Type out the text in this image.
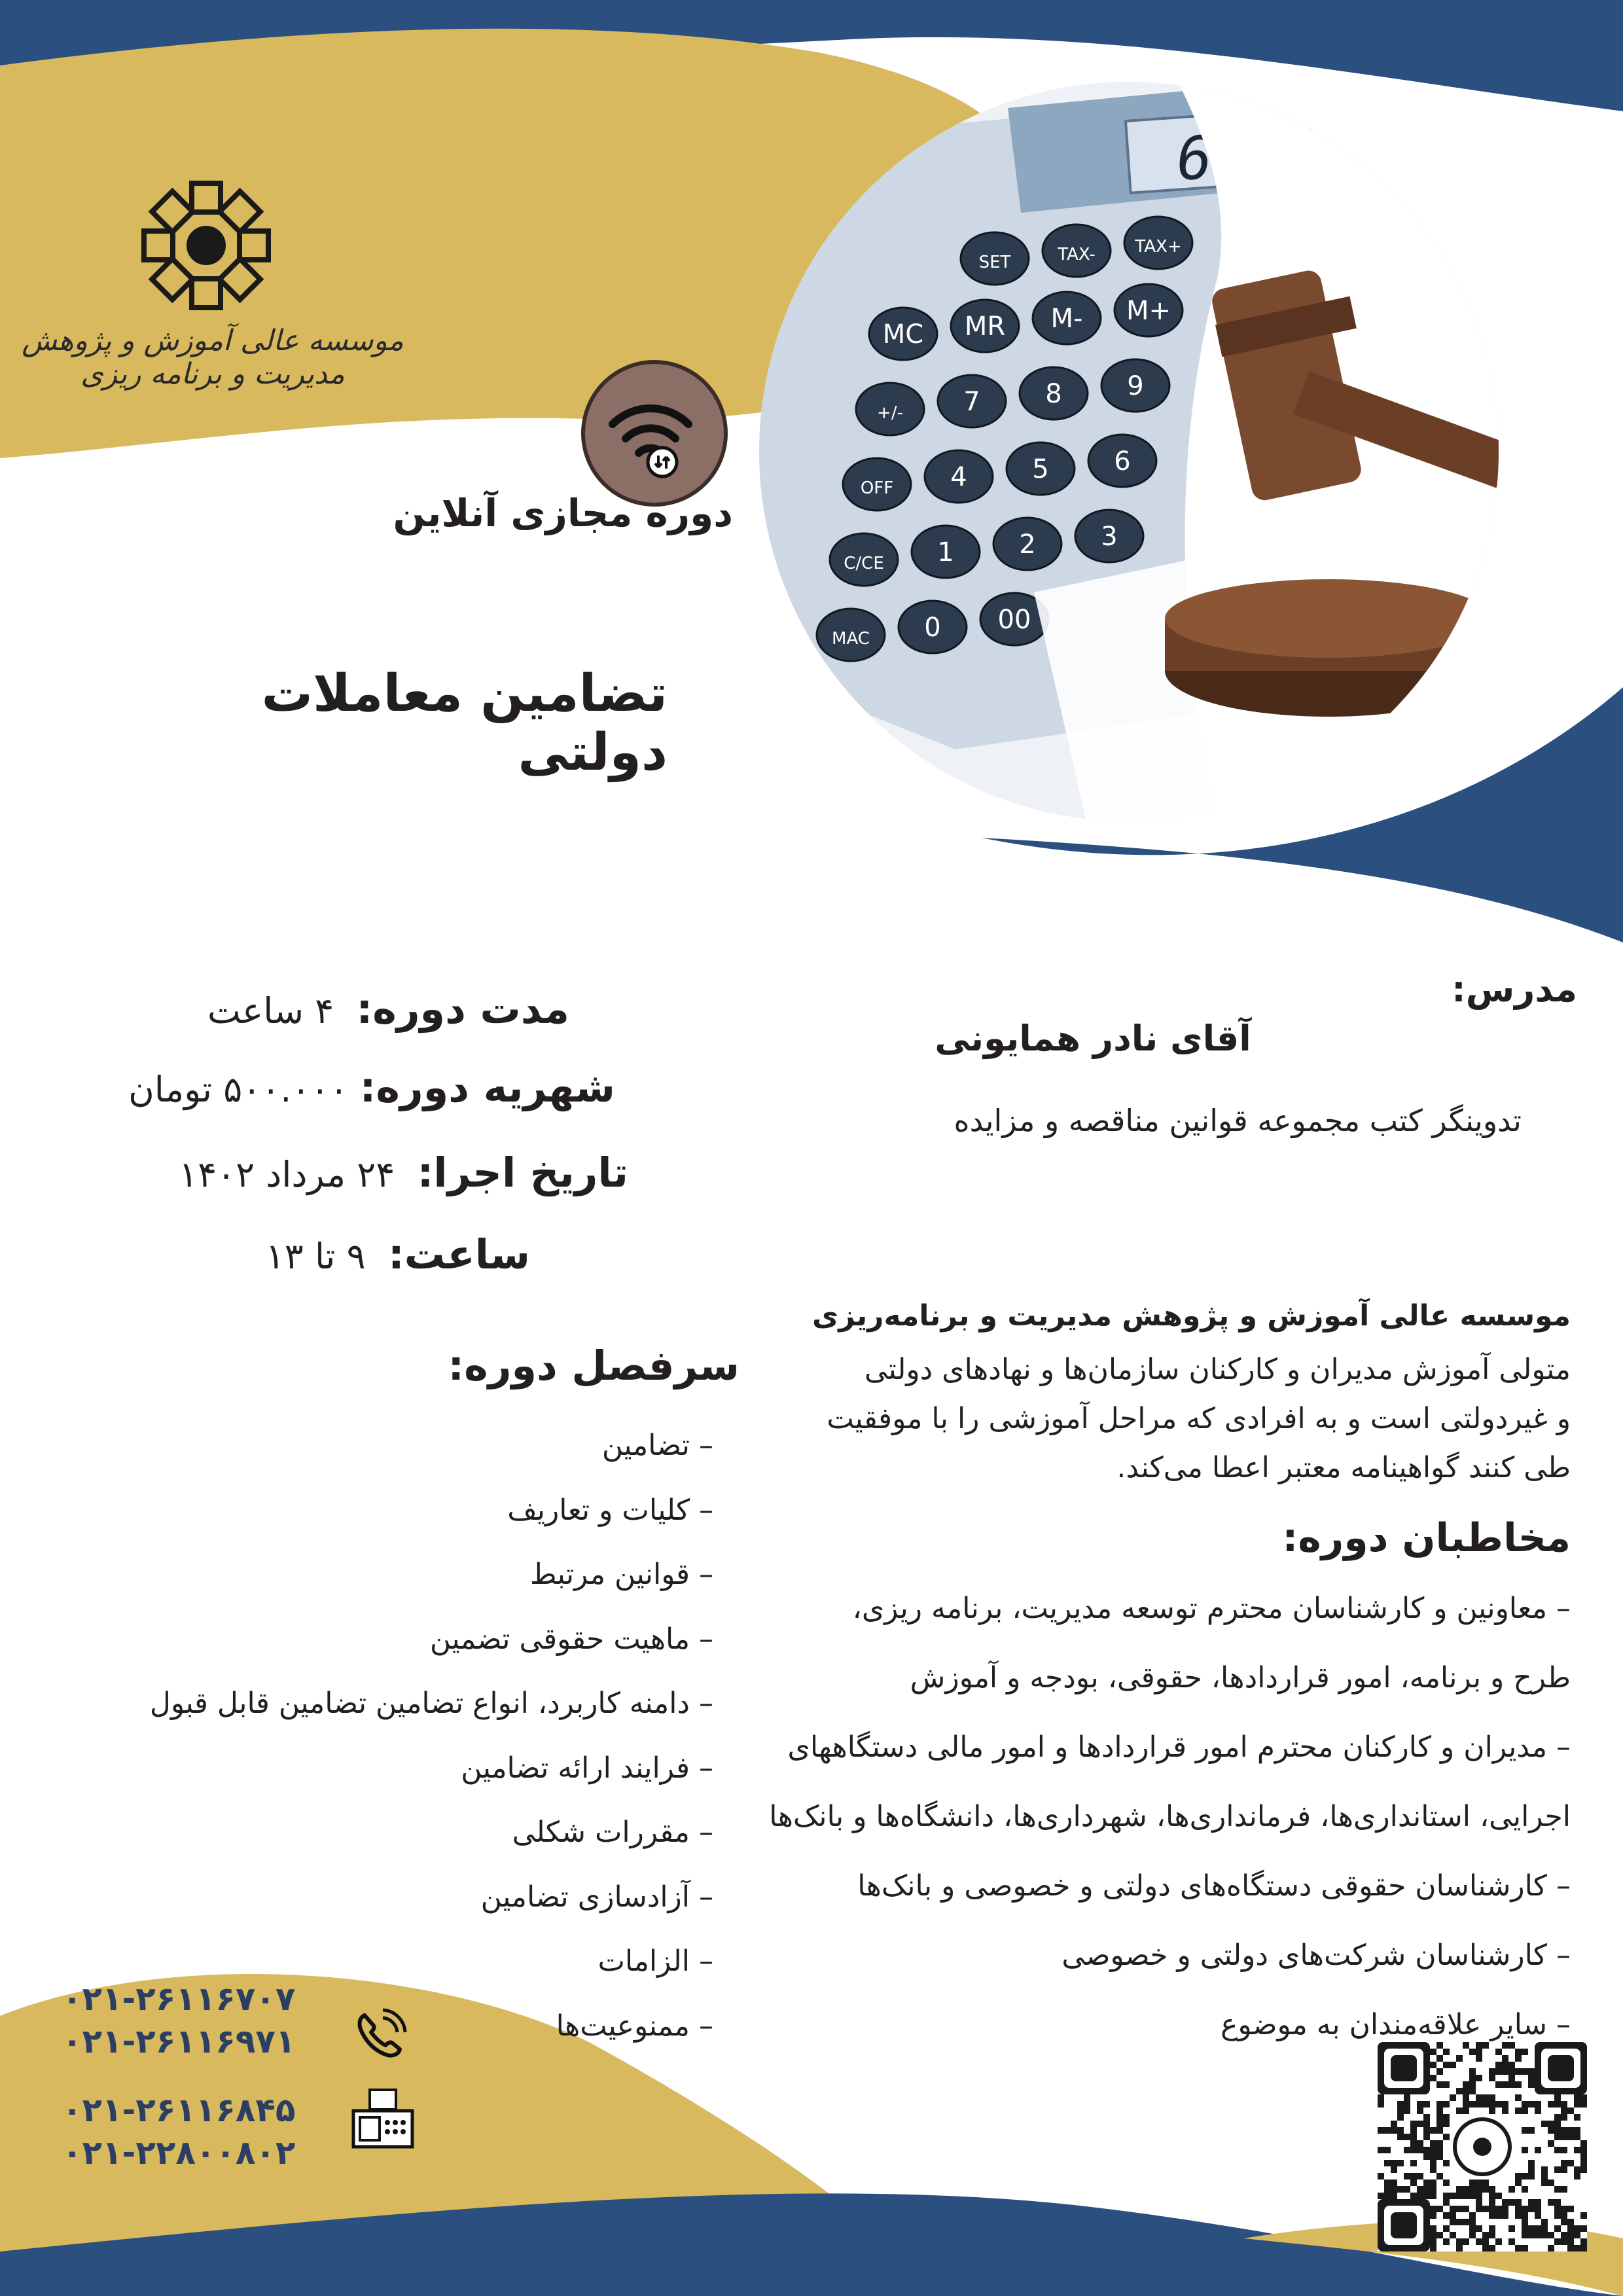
موسسه عالی آموزش و پژوهش مدیریت و برنامه ریزی
دوره مجازی آنلاین
تضامین معاملات دولتی
SET	TAX- TAX+
MC MR M- M+
+/- 7 8 9
OFF 4 5 6
C/CE 1 2 3
MAC 0 00
مدرس:
آقای نادر همایونی
تدوینگر کتب مجموعه قوانین مناقصه و مزایده
مدت دوره:  ۴ ساعت
شهریه دوره: ۵۰۰.۰۰۰ تومان
تاریخ اجرا:  ۲۴ مرداد ۱۴۰۲
ساعت:  ۹ تا ۱۳
موسسه عالی آموزش و پژوهش مدیریت و برنامه‌ریزی
متولی آموزش مدیران و کارکنان سازمان‌ها و نهادهای دولتی
و غیردولتی است و به افرادی که مراحل آموزشی را با موفقیت
طی کنند گواهینامه معتبر اعطا می‌کند.
مخاطبان دوره:
– معاونین و کارشناسان محترم توسعه مدیریت، برنامه ریزی،
طرح و برنامه، امور قراردادها، حقوقی، بودجه و آموزش
– مدیران و کارکنان محترم امور قراردادها و امور مالی دستگاههای
اجرایی، استانداری‌ها، فرمانداری‌ها، شهرداری‌ها، دانشگاه‌ها و بانک‌ها
– کارشناسان حقوقی دستگاه‌های دولتی و خصوصی و بانک‌ها
– کارشناسان شرکت‌های دولتی و خصوصی
– سایر علاقه‌مندان به موضوع
سرفصل دوره:
– تضامین
– کلیات و تعاریف
– قوانین مرتبط
– ماهیت حقوقی تضمین
– دامنه کاربرد، انواع تضامین تضامین قابل قبول
– فرایند ارائه تضامین
– مقررات شکلی
– آزادسازی تضامین
– الزامات
– ممنوعیت‌ها
۰۲۱-۲۶۱۱۶۷۰۷
۰۲۱-۲۶۱۱۶۹۷۱
۰۲۱-۲۶۱۱۶۸۴۵
۰۲۱-۲۲۸۰۰۸۰۲
